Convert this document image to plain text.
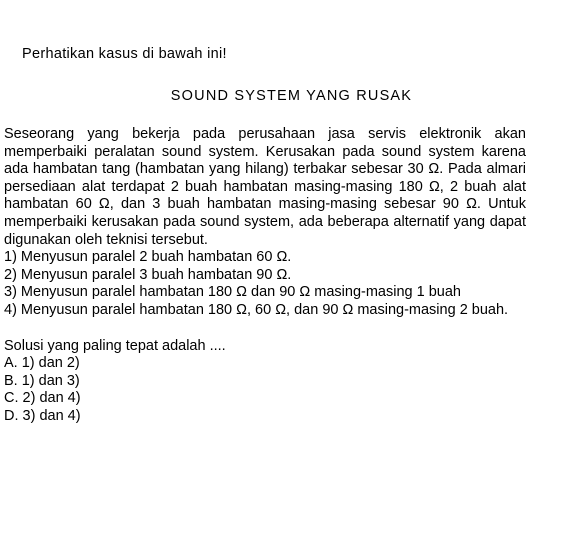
Perhatikan kasus di bawah ini!
SOUND SYSTEM YANG RUSAK

Seseorang yang bekerja pada perusahaan jasa servis elektronik akan memperbaiki peralatan sound system. Kerusakan pada sound system karena ada hambatan tang (hambatan yang hilang) terbakar sebesar 30 Ω. Pada almari persediaan alat terdapat 2 buah hambatan masing-masing 180 Ω, 2 buah alat hambatan 60 Ω, dan 3 buah hambatan masing-masing sebesar 90 Ω. Untuk memperbaiki kerusakan pada sound system, ada beberapa alternatif yang dapat digunakan oleh teknisi tersebut.

1) Menyusun paralel 2 buah hambatan 60 Ω.
2) Menyusun paralel 3 buah hambatan 90 Ω.
3) Menyusun paralel hambatan 180 Ω dan 90 Ω masing-masing 1 buah
4) Menyusun paralel hambatan 180 Ω, 60 Ω, dan 90 Ω masing-masing 2 buah.
Solusi yang paling tepat adalah ....
A. 1) dan 2)
B. 1) dan 3)
C. 2) dan 4)
D. 3) dan 4)
